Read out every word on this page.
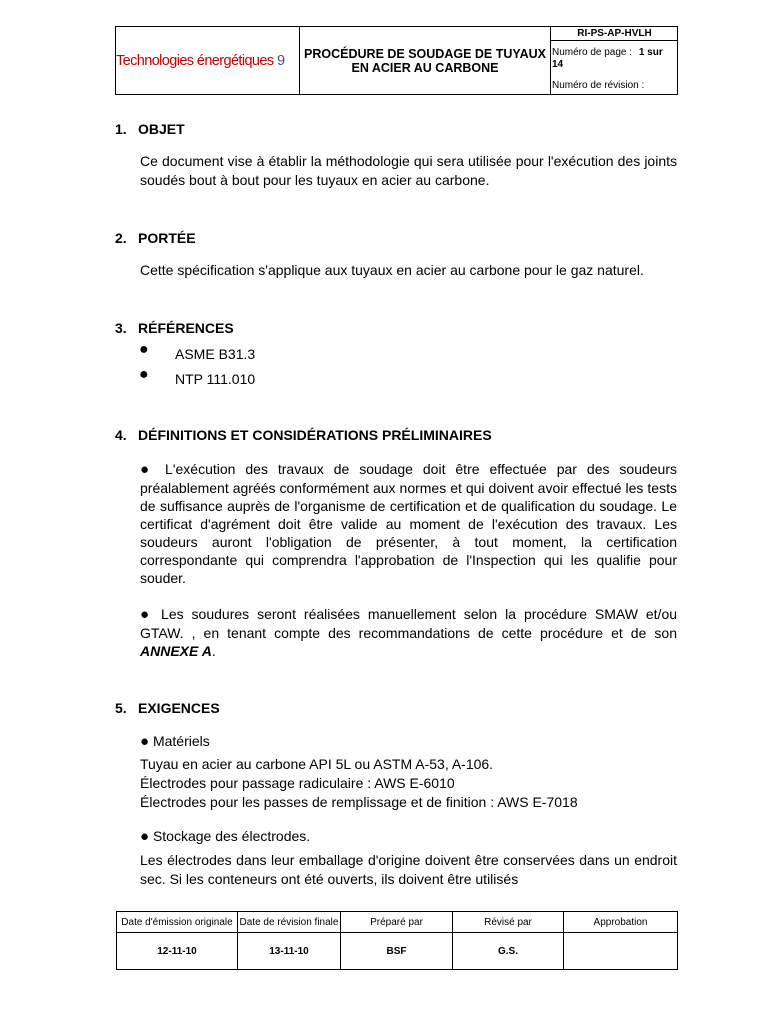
Technologies énergétiques 9 PROCÉDURE DE SOUDAGE DE TUYAUX
EN ACIER AU CARBONE
RI-PS-AP-HVLH
Numéro de page : 1 sur
14
Numéro de révision :
1. OBJET
Ce document vise à établir la méthodologie qui sera utilisée pour l'exécution des joints
soudés bout à bout pour les tuyaux en acier au carbone.
2. PORTÉE
Cette spécification s'applique aux tuyaux en acier au carbone pour le gaz naturel.
3. RÉFÉRENCES
● ASME B31.3
● NTP 111.010
4. DÉFINITIONS ET CONSIDÉRATIONS PRÉLIMINAIRES
● L'exécution des travaux de soudage doit être effectuée par des soudeurs
préalablement agréés conformément aux normes et qui doivent avoir effectué les tests
de suffisance auprès de l'organisme de certification et de qualification du soudage. Le
certificat d'agrément doit être valide au moment de l'exécution des travaux. Les
soudeurs auront l'obligation de présenter, à tout moment, la certification
correspondante qui comprendra l'approbation de l'Inspection qui les qualifie pour
souder.
● Les soudures seront réalisées manuellement selon la procédure SMAW et/ou
GTAW. , en tenant compte des recommandations de cette procédure et de son
ANNEXE A.
5. EXIGENCES
● Matériels
Tuyau en acier au carbone API 5L ou ASTM A-53, A-106.
Électrodes pour passage radiculaire : AWS E-6010
Électrodes pour les passes de remplissage et de finition : AWS E-7018
● Stockage des électrodes.
Les électrodes dans leur emballage d'origine doivent être conservées dans un endroit
sec. Si les conteneurs ont été ouverts, ils doivent être utilisés
Date d'émission originale	Date de révision finale	Préparé par	Révisé par	Approbation
12-11-10	13-11-10	BSF	G.S.	
